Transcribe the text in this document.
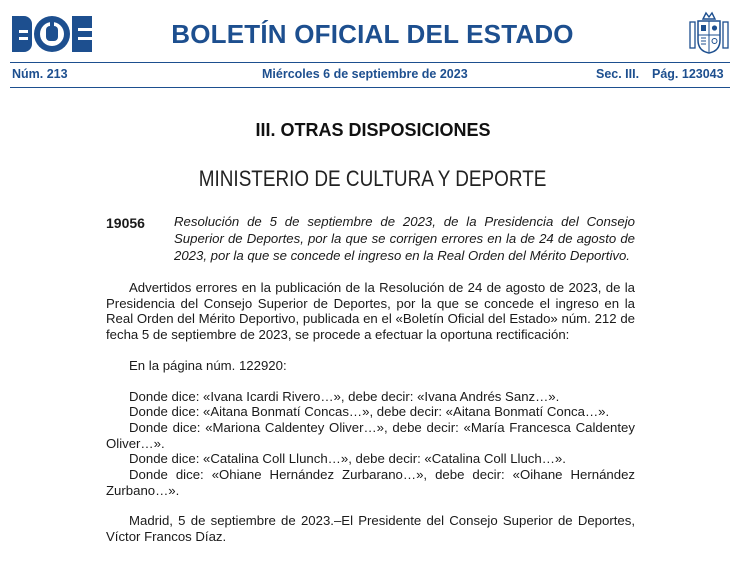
BOLETÍN OFICIAL DEL ESTADO
Núm. 213	Miércoles 6 de septiembre de 2023	Sec. III. Pág. 123043
III. OTRAS DISPOSICIONES
MINISTERIO DE CULTURA Y DEPORTE
19056 Resolución de 5 de septiembre de 2023, de la Presidencia del Consejo Superior de Deportes, por la que se corrigen errores en la de 24 de agosto de 2023, por la que se concede el ingreso en la Real Orden del Mérito Deportivo.

Advertidos errores en la publicación de la Resolución de 24 de agosto de 2023, de la Presidencia del Consejo Superior de Deportes, por la que se concede el ingreso en la Real Orden del Mérito Deportivo, publicada en el «Boletín Oficial del Estado» núm. 212 de fecha 5 de septiembre de 2023, se procede a efectuar la oportuna rectificación:

En la página núm. 122920:

Donde dice: «Ivana Icardi Rivero…», debe decir: «Ivana Andrés Sanz…».

Donde dice: «Aitana Bonmatí Concas…», debe decir: «Aitana Bonmatí Conca…».

Donde dice: «Mariona Caldentey Oliver…», debe decir: «María Francesca Caldentey Oliver…».

Donde dice: «Catalina Coll Llunch…», debe decir: «Catalina Coll Lluch…».

Donde dice: «Ohiane Hernández Zurbarano…», debe decir: «Oihane Hernández Zurbano…».

Madrid, 5 de septiembre de 2023.–El Presidente del Consejo Superior de Deportes, Víctor Francos Díaz.
